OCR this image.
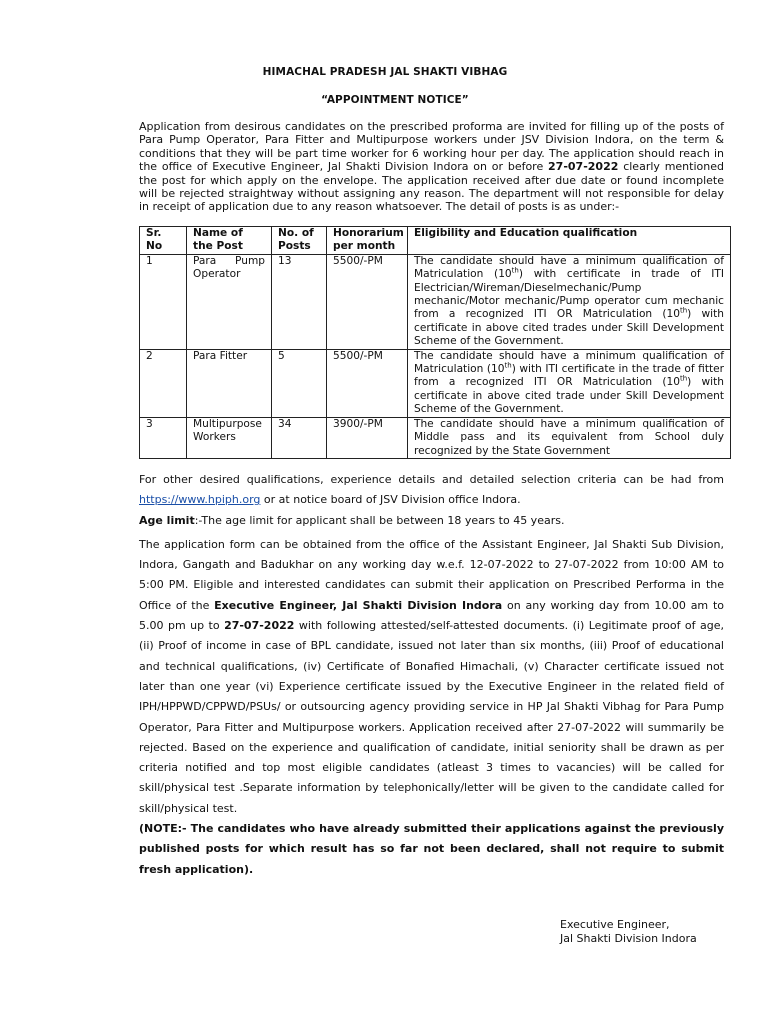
HIMACHAL PRADESH JAL SHAKTI VIBHAG
“APPOINTMENT NOTICE”
Application from desirous candidates on the prescribed proforma are invited for filling up of the posts of Para Pump Operator, Para Fitter and Multipurpose workers under JSV Division Indora, on the term & conditions that they will be part time worker for 6 working hour per day. The application should reach in the office of Executive Engineer, Jal Shakti Division Indora on or before 27-07-2022 clearly mentioned the post for which apply on the envelope. The application received after due date or found incomplete will be rejected straightway without assigning any reason. The department will not responsible for delay in receipt of application due to any reason whatsoever. The detail of posts is as under:-
Sr. No	Name of the Post	No. of Posts	Honorarium per month	Eligibility and Education qualification
1	Para Pump Operator	13	5500/-PM	The candidate should have a minimum qualification of Matriculation (10th) with certificate in trade of ITI Electrician/Wireman/Dieselmechanic/Pump mechanic/Motor mechanic/Pump operator cum mechanic from a recognized ITI OR Matriculation (10th) with certificate in above cited trades under Skill Development Scheme of the Government.
2	Para Fitter	5	5500/-PM	The candidate should have a minimum qualification of Matriculation (10th) with ITI certificate in the trade of fitter from a recognized ITI OR Matriculation (10th) with certificate in above cited trade under Skill Development Scheme of the Government.
3	Multipurpose Workers	34	3900/-PM	The candidate should have a minimum qualification of Middle pass and its equivalent from School duly recognized by the State Government

For other desired qualifications, experience details and detailed selection criteria can be had from https://www.hpiph.org or at notice board of JSV Division office Indora.

Age limit:-The age limit for applicant shall be between 18 years to 45 years.

The application form can be obtained from the office of the Assistant Engineer, Jal Shakti Sub Division, Indora, Gangath and Badukhar on any working day w.e.f. 12-07-2022 to 27-07-2022 from 10:00 AM to 5:00 PM. Eligible and interested candidates can submit their application on Prescribed Performa in the Office of the Executive Engineer, Jal Shakti Division Indora on any working day from 10.00 am to 5.00 pm up to 27-07-2022 with following attested/self-attested documents. (i) Legitimate proof of age, (ii) Proof of income in case of BPL candidate, issued not later than six months, (iii) Proof of educational and technical qualifications, (iv) Certificate of Bonafied Himachali, (v) Character certificate issued not later than one year (vi) Experience certificate issued by the Executive Engineer in the related field of IPH/HPPWD/CPPWD/PSUs/ or outsourcing agency providing service in HP Jal Shakti Vibhag for Para Pump Operator, Para Fitter and Multipurpose workers. Application received after 27-07-2022 will summarily be rejected. Based on the experience and qualification of candidate, initial seniority shall be drawn as per criteria notified and top most eligible candidates (atleast 3 times to vacancies) will be called for skill/physical test .Separate information by telephonically/letter will be given to the candidate called for skill/physical test.

(NOTE:- The candidates who have already submitted their applications against the previously published posts for which result has so far not been declared, shall not require to submit fresh application).

Executive Engineer,
Jal Shakti Division Indora
